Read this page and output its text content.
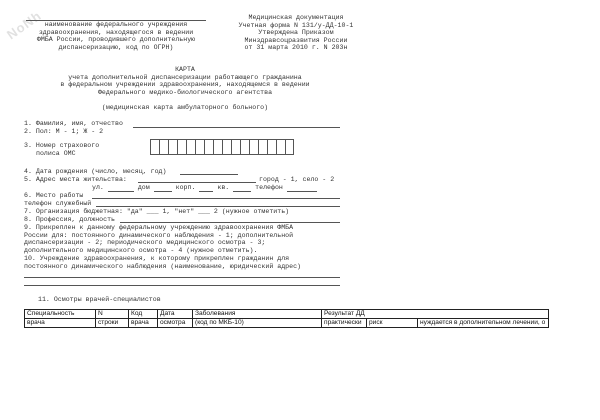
NoNh наименование федерального учреждения
здравоохранения, находящегося в ведении
ФМБА России, проводившего дополнительную
диспансеризацию, код по ОГРН)
Медицинская документация
Учетная форма N 131/у-ДД-10-1
Утверждена Приказом
Минздравсоцразвития России
от 31 марта 2010 г. N 203н
КАРТА
учета дополнительной диспансеризации работающего гражданина
в федеральном учреждении здравоохранения, находящемся в ведении
Федерального медико-биологического агентства
(медицинская карта амбулаторного больного)
1. Фамилия, имя, отчество
2. Пол: М - 1; Ж - 2
3. Номер страхового
полиса ОМС
4. Дата рождения (число, месяц, год)
5. Адрес места жительства:	город - 1, село - 2
ул.	дом	корп.	кв.	телефон
6. Место работы
телефон служебный
7. Организация бюджетная: "да" ___ 1, "нет" ___ 2 (нужное отметить)
8. Профессия, должность
9. Прикреплен к данному федеральному учреждению здравоохранения ФМБА
России для: постоянного динамического наблюдения - 1; дополнительной
диспансеризации - 2; периодического медицинского осмотра - 3;
дополнительного медицинского осмотра - 4 (нужное отметить).
10. Учреждение здравоохранения, к которому прикреплен гражданин для
постоянного динамического наблюдения (наименование, юридический адрес)
11. Осмотры врачей-специалистов
Специальность	N	Код	Дата	Заболевания	Результат ДД		
врача	строки	врача	осмотра	(код по МКБ-10)	практически	риск	нуждается в дополнительном лечении, о
